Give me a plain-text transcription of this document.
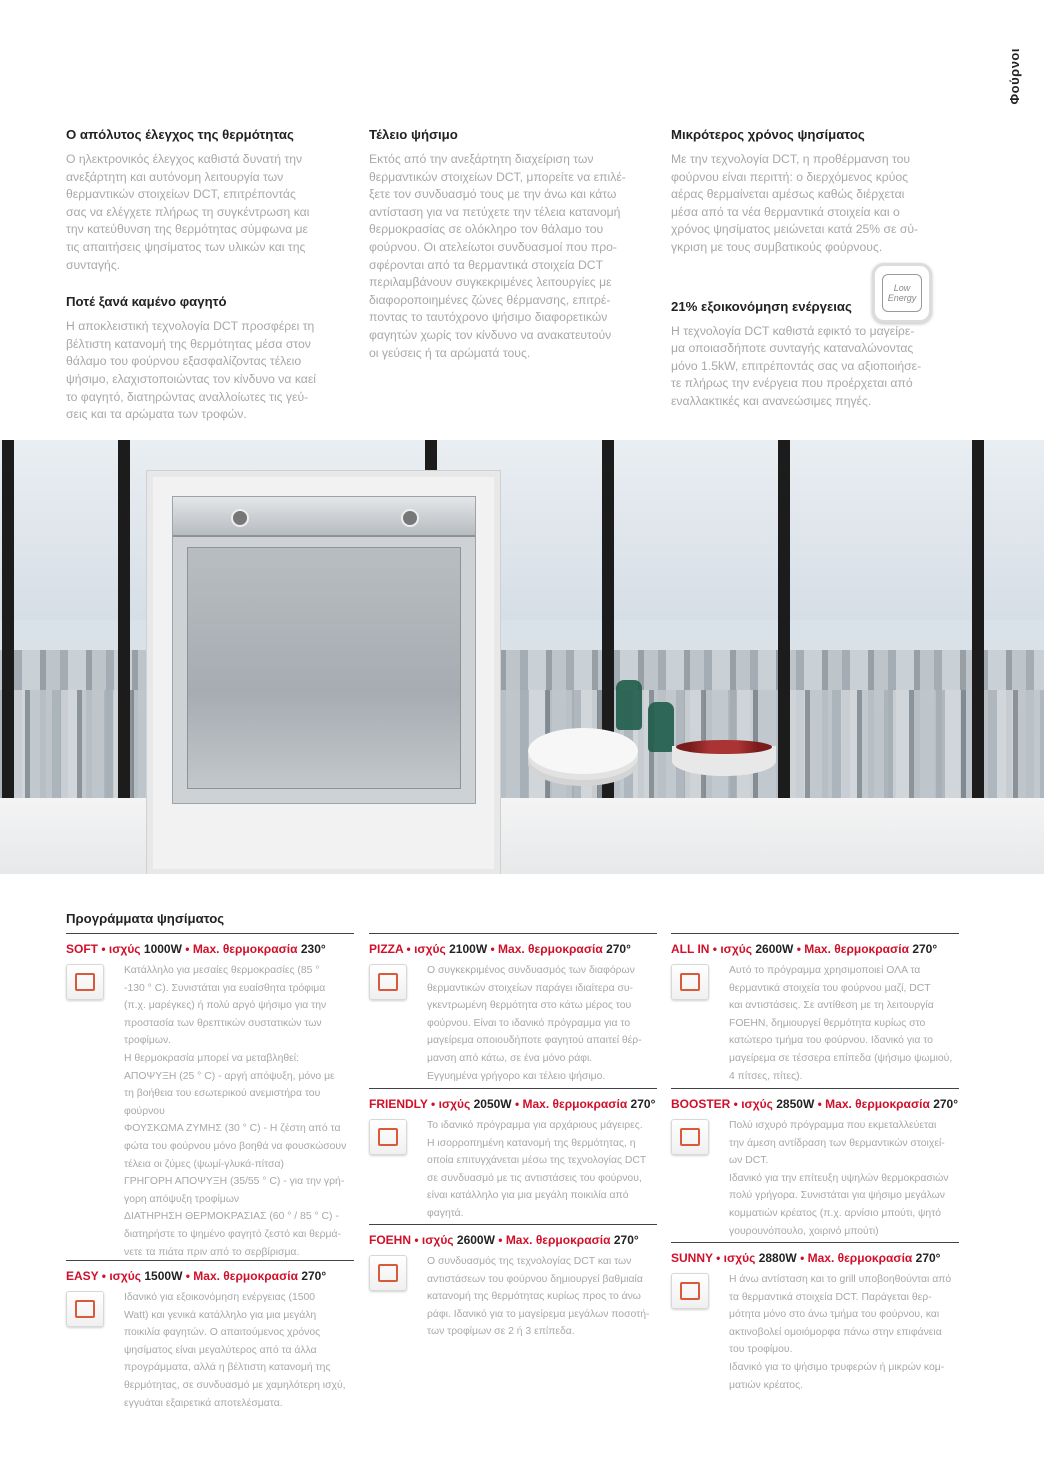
Φούρνοι
Ο απόλυτος έλεγχος της θερμότητας
Ο ηλεκτρονικός έλεγχος καθιστά δυνατή την
ανεξάρτητη και αυτόνομη λειτουργία των
θερμαντικών στοιχείων DCT, επιτρέποντάς
σας να ελέγχετε πλήρως τη συγκέντρωση και
την κατεύθυνση της θερμότητας σύμφωνα με
τις απαιτήσεις ψησίματος των υλικών και της
συνταγής.
Ποτέ ξανά καμένο φαγητό
Η αποκλειστική τεχνολογία DCT προσφέρει τη
βέλτιστη κατανομή της θερμότητας μέσα στον
θάλαμο του φούρνου εξασφαλίζοντας τέλειο
ψήσιμο, ελαχιστοποιώντας τον κίνδυνο να καεί
το φαγητό, διατηρώντας αναλλοίωτες τις γεύ-
σεις και τα αρώματα των τροφών.
Τέλειο ψήσιμο
Εκτός από την ανεξάρτητη διαχείριση των
θερμαντικών στοιχείων DCT, μπορείτε να επιλέ-
ξετε τον συνδυασμό τους με την άνω και κάτω
αντίσταση για να πετύχετε την τέλεια κατανομή
θερμοκρασίας σε ολόκληρο τον θάλαμο του
φούρνου. Οι ατελείωτοι συνδυασμοί που προ-
σφέρονται από τα θερμαντικά στοιχεία DCT
περιλαμβάνουν συγκεκριμένες λειτουργίες με
διαφοροποιημένες ζώνες θέρμανσης, επιτρέ-
ποντας το ταυτόχρονο ψήσιμο διαφορετικών
φαγητών χωρίς τον κίνδυνο να ανακατευτούν
οι γεύσεις ή τα αρώματά τους.
Μικρότερος χρόνος ψησίματος
Με την τεχνολογία DCT, η προθέρμανση του
φούρνου είναι περιττή: ο διερχόμενος κρύος
αέρας θερμαίνεται αμέσως καθώς διέρχεται
μέσα από τα νέα θερμαντικά στοιχεία και ο
χρόνος ψησίματος μειώνεται κατά 25% σε σύ-
γκριση με τους συμβατικούς φούρνους.
21% εξοικονόμηση ενέργειας
Η τεχνολογία DCT καθιστά εφικτό το μαγείρε-
μα οποιασδήποτε συνταγής καταναλώνοντας
μόνο 1.5kW, επιτρέποντάς σας να αξιοποιήσε-
τε πλήρως την ενέργεια που προέρχεται από
εναλλακτικές και ανανεώσιμες πηγές.
Low
Energy
Προγράμματα ψησίματος
SOFT • ισχύς 1000W • Max. θερμοκρασία 230°
Κατάλληλο για μεσαίες θερμοκρασίες (85 °
-130 ° C). Συνιστάται για ευαίσθητα τρόφιμα
(π.χ. μαρέγκες) ή πολύ αργό ψήσιμο για την
προστασία των θρεπτικών συστατικών των
τροφίμων.
Η θερμοκρασία μπορεί να μεταβληθεί:
ΑΠΟΨΥΞΗ (25 ° C) - αργή απόψυξη, μόνο με
τη βοήθεια του εσωτερικού ανεμιστήρα του
φούρνου
ΦΟΥΣΚΩΜΑ ΖΥΜΗΣ (30 ° C) - Η ζέστη από τα
φώτα του φούρνου μόνο βοηθά να φουσκώσουν
τέλεια οι ζύμες (ψωμί-γλυκά-πίτσα)
ΓΡΗΓΟΡΗ ΑΠΟΨΥΞΗ (35/55 ° C) - για την γρή-
γορη απόψυξη τροφίμων
ΔΙΑΤΗΡΗΣΗ ΘΕΡΜΟΚΡΑΣΙΑΣ (60 ° / 85 ° C) -
διατηρήστε το ψημένο φαγητό ζεστό και θερμά-
νετε τα πιάτα πριν από το σερβίρισμα.
EASY • ισχύς 1500W • Max. θερμοκρασία 270°
Ιδανικό για εξοικονόμηση ενέργειας (1500
Watt) και γενικά κατάλληλο για μια μεγάλη
ποικιλία φαγητών. Ο απαιτούμενος χρόνος
ψησίματος είναι μεγαλύτερος από τα άλλα
προγράμματα, αλλά η βέλτιστη κατανομή της
θερμότητας, σε συνδυασμό με χαμηλότερη ισχύ,
εγγυάται εξαιρετικά αποτελέσματα.
PIZZA • ισχύς 2100W • Max. θερμοκρασία 270°
Ο συγκεκριμένος συνδυασμός των διαφόρων
θερμαντικών στοιχείων παράγει ιδιαίτερα συ-
γκεντρωμένη θερμότητα στο κάτω μέρος του
φούρνου. Είναι το ιδανικό πρόγραμμα για το
μαγείρεμα οποιουδήποτε φαγητού απαιτεί θέρ-
μανση από κάτω, σε ένα μόνο ράφι.
Εγγυημένα γρήγορο και τέλειο ψήσιμο.
FRIENDLY • ισχύς 2050W • Max. θερμοκρασία 270°
Το ιδανικό πρόγραμμα για αρχάριους μάγειρες.
Η ισορροπημένη κατανομή της θερμότητας, η
οποία επιτυγχάνεται μέσω της τεχνολογίας DCT
σε συνδυασμό με τις αντιστάσεις του φούρνου,
είναι κατάλληλο για μια μεγάλη ποικιλία από
φαγητά.
FOEHN • ισχύς 2600W • Max. θερμοκρασία 270°
Ο συνδυασμός της τεχνολογίας DCT και των
αντιστάσεων του φούρνου δημιουργεί βαθμιαία
κατανομή της θερμότητας κυρίως προς το άνω
ράφι. Ιδανικό για το μαγείρεμα μεγάλων ποσοτή-
των τροφίμων σε 2 ή 3 επίπεδα.
ALL IN • ισχύς 2600W • Max. θερμοκρασία 270°
Αυτό το πρόγραμμα χρησιμοποιεί ΟΛΑ τα
θερμαντικά στοιχεία του φούρνου μαζί, DCT
και αντιστάσεις. Σε αντίθεση με τη λειτουργία
FOEHN, δημιουργεί θερμότητα κυρίως στο
κατώτερο τμήμα του φούρνου. Ιδανικό για το
μαγείρεμα σε τέσσερα επίπεδα (ψήσιμο ψωμιού,
4 πίτσες, πίτες).
BOOSTER • ισχύς 2850W • Max. θερμοκρασία 270°
Πολύ ισχυρό πρόγραμμα που εκμεταλλεύεται
την άμεση αντίδραση των θερμαντικών στοιχεί-
ων DCT.
Ιδανικό για την επίτευξη υψηλών θερμοκρασιών
πολύ γρήγορα. Συνιστάται για ψήσιμο μεγάλων
κομματιών κρέατος (π.χ. αρνίσιο μπούτι, ψητό
γουρουνόπουλο, χοιρινό μπούτι)
SUNNY • ισχύς 2880W • Max. θερμοκρασία 270°
Η άνω αντίσταση και το grill υποβοηθούνται από
τα θερμαντικά στοιχεία DCT. Παράγεται θερ-
μότητα μόνο στο άνω τμήμα του φούρνου, και
ακτινοβολεί ομοιόμορφα πάνω στην επιφάνεια
του τροφίμου.
Ιδανικό για το ψήσιμο τρυφερών ή μικρών κομ-
ματιών κρέατος.
